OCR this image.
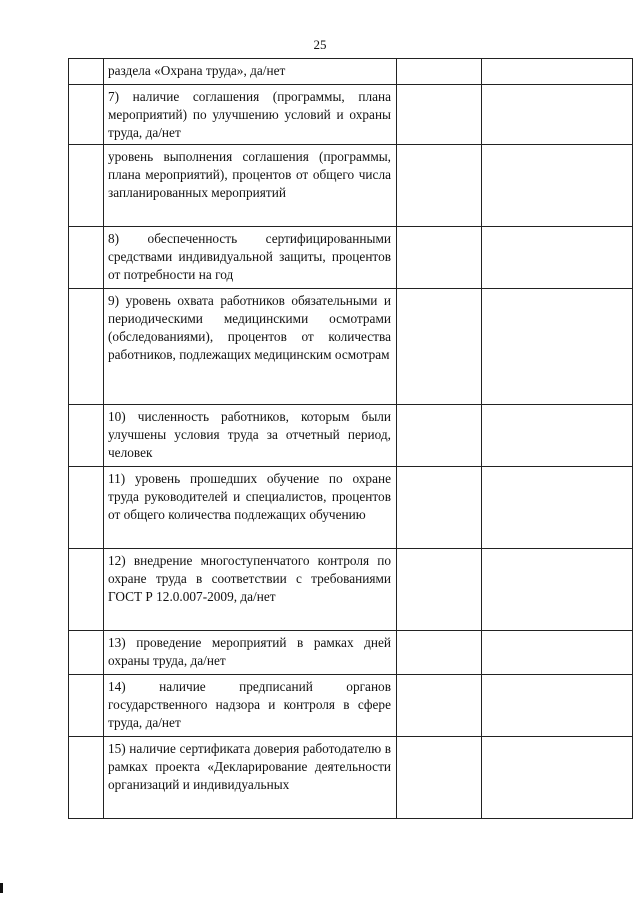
25

	раздела «Охрана труда», да/нет		

	7) наличие соглашения (программы, плана мероприятий) по улучшению условий и охраны труда, да/нет		

	уровень выполнения соглашения (программы, плана мероприятий), процентов от общего числа запланированных мероприятий		

	8) обеспеченность сертифицированными средствами индивидуальной защиты, процентов от потребности на год		

	9) уровень охвата работников обязательными и периодическими медицинскими осмотрами (обследованиями), процентов от количества работников, подлежащих медицинским осмотрам		

	10) численность работников, которым были улучшены условия труда за отчетный период, человек		

	11) уровень прошедших обучение по охране труда руководителей и специалистов, процентов от общего количества подлежащих обучению		

	12) внедрение многоступенчатого контроля по охране труда в соответствии с требованиями ГОСТ Р 12.0.007-2009, да/нет		

	13) проведение мероприятий в рамках дней охраны труда, да/нет		

	14) наличие предписаний органов государственного надзора и контроля в сфере труда, да/нет		

	15) наличие сертификата доверия работодателю в рамках проекта «Декларирование деятельности организаций и индивидуальных		
